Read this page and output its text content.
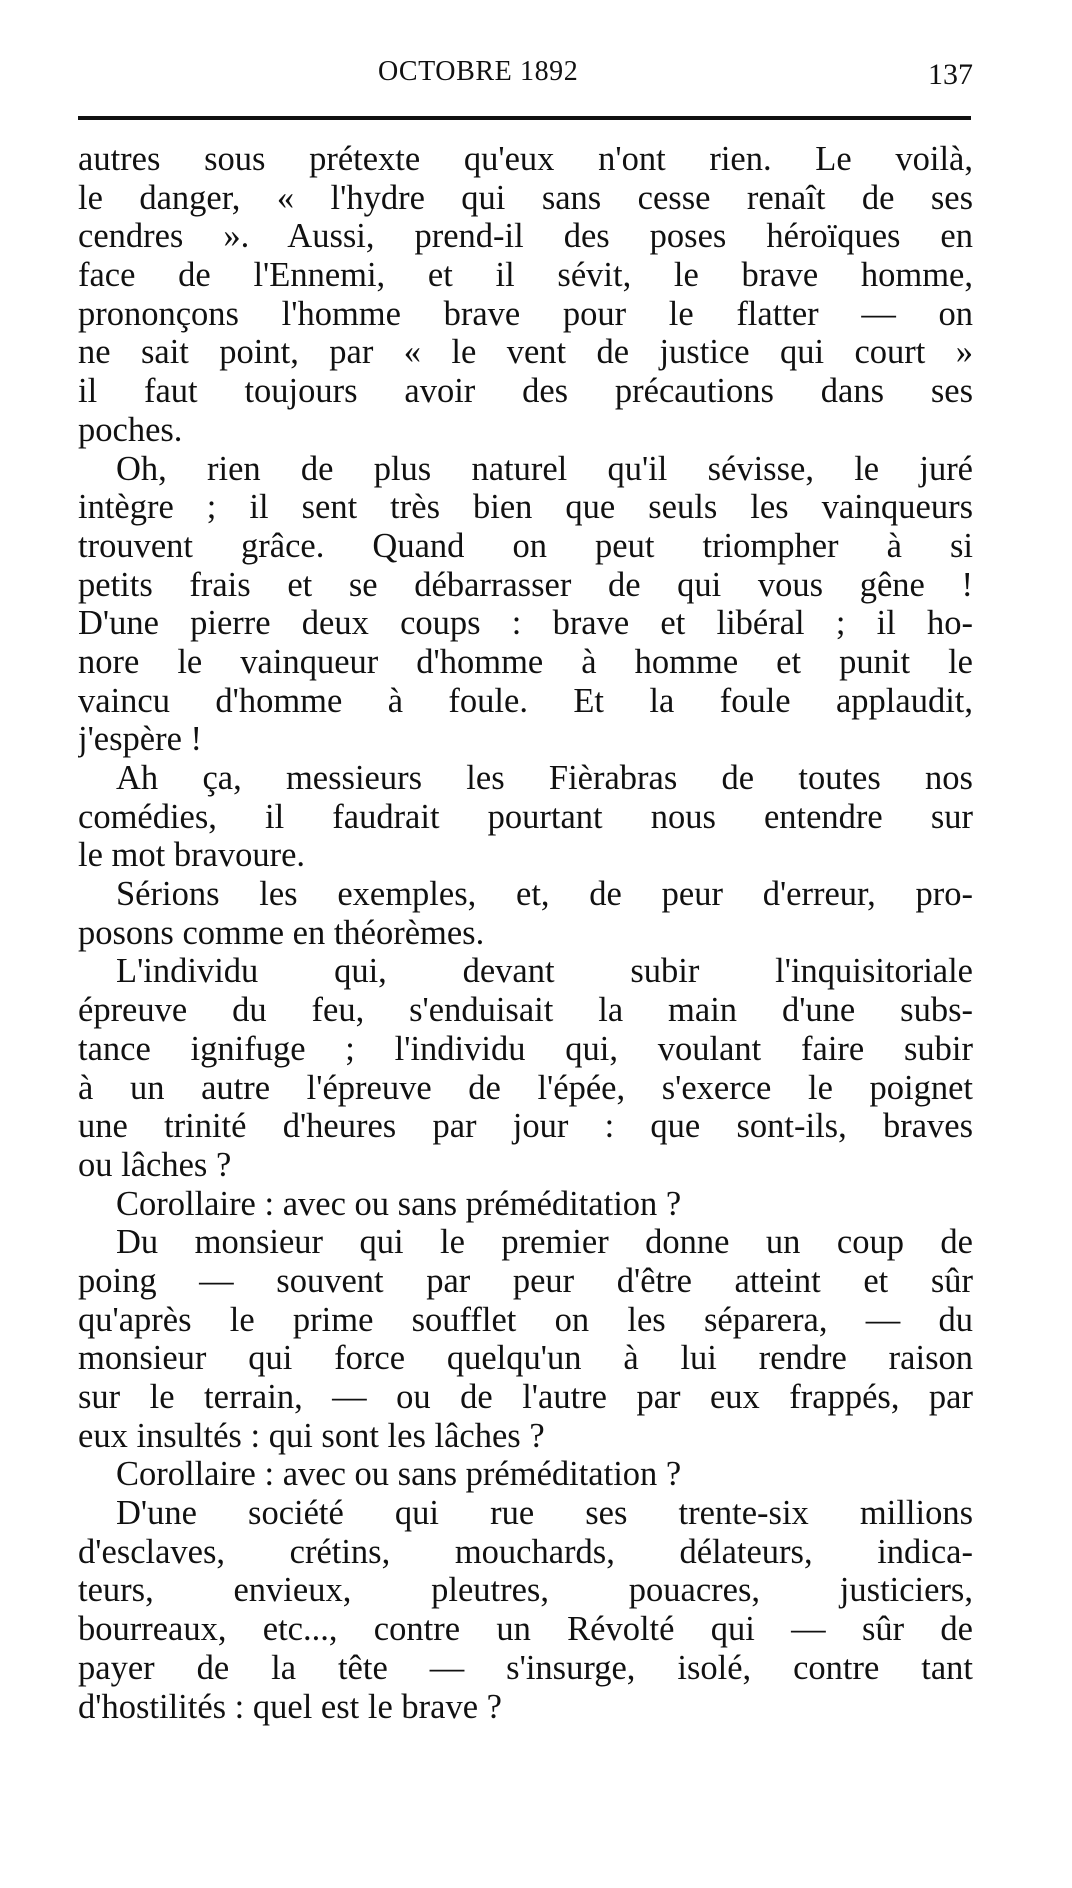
OCTOBRE 1892	137
autres sous prétexte qu'eux n'ont rien. Le voilà,
le danger, « l'hydre qui sans cesse renaît de ses
cendres ». Aussi, prend-il des poses héroïques en
face de l'Ennemi, et il sévit, le brave homme,
prononçons l'homme brave pour le flatter — on
ne sait point, par « le vent de justice qui court »
il faut toujours avoir des précautions dans ses
poches.
Oh, rien de plus naturel qu'il sévisse, le juré
intègre ; il sent très bien que seuls les vainqueurs
trouvent grâce. Quand on peut triompher à si
petits frais et se débarrasser de qui vous gêne !
D'une pierre deux coups : brave et libéral ; il ho-
nore le vainqueur d'homme à homme et punit le
vaincu d'homme à foule. Et la foule applaudit,
j'espère !
Ah ça, messieurs les Fièrabras de toutes nos
comédies, il faudrait pourtant nous entendre sur
le mot bravoure.
Sérions les exemples, et, de peur d'erreur, pro-
posons comme en théorèmes.
L'individu qui, devant subir l'inquisitoriale
épreuve du feu, s'enduisait la main d'une subs-
tance ignifuge ; l'individu qui, voulant faire subir
à un autre l'épreuve de l'épée, s'exerce le poignet
une trinité d'heures par jour : que sont-ils, braves
ou lâches ?
Corollaire : avec ou sans préméditation ?
Du monsieur qui le premier donne un coup de
poing — souvent par peur d'être atteint et sûr
qu'après le prime soufflet on les séparera, — du
monsieur qui force quelqu'un à lui rendre raison
sur le terrain, — ou de l'autre par eux frappés, par
eux insultés : qui sont les lâches ?
Corollaire : avec ou sans préméditation ?
D'une société qui rue ses trente-six millions
d'esclaves, crétins, mouchards, délateurs, indica-
teurs, envieux, pleutres, pouacres, justiciers,
bourreaux, etc..., contre un Révolté qui — sûr de
payer de la tête — s'insurge, isolé, contre tant
d'hostilités : quel est le brave ?
